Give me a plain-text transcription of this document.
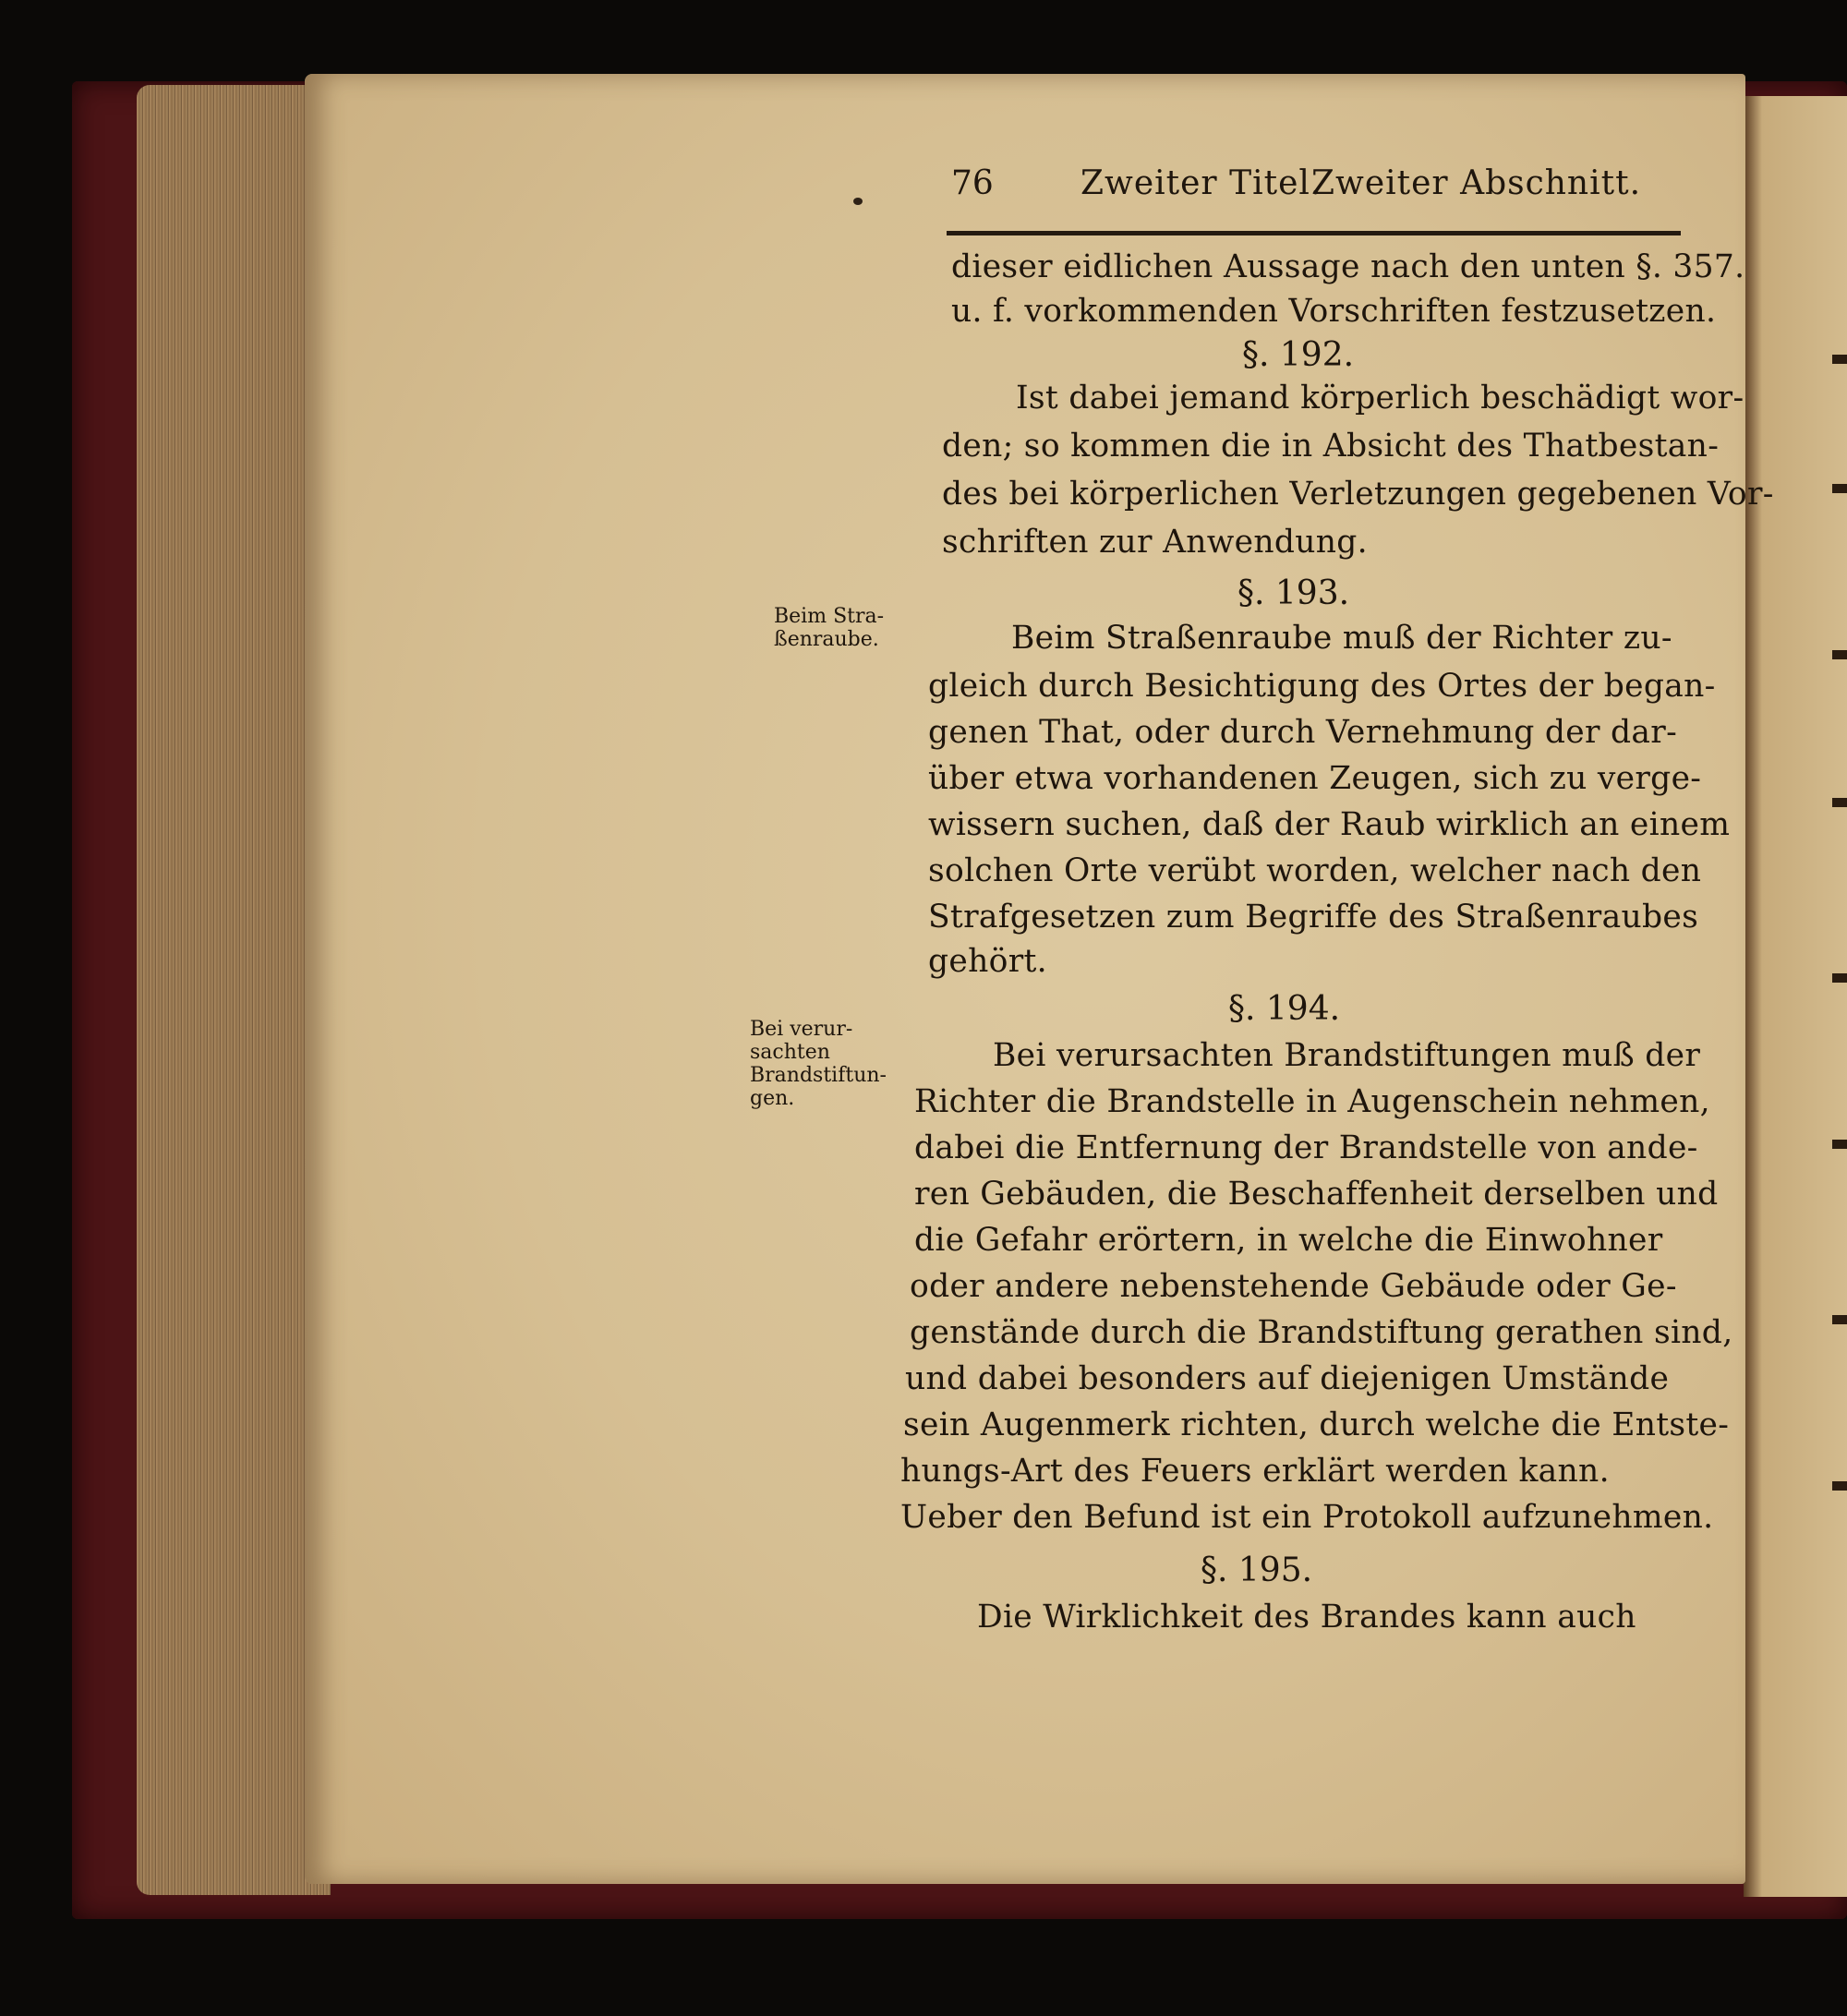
76	Zweiter Titel.
Zweiter Abschnitt.
dieser eidlichen Aussage nach den unten §. 357.
u. f. vorkommenden Vorschriften festzusetzen.
§. 192.
Ist dabei jemand körperlich beschädigt wor-
den; so kommen die in Absicht des Thatbestan-
des bei körperlichen Verletzungen gegebenen Vor-
schriften zur Anwendung.
§. 193.
Beim Stra-
ßenraube.	Beim Straßenraube muß der Richter zu-
gleich durch Besichtigung des Ortes der began-
genen That, oder durch Vernehmung der dar-
über etwa vorhandenen Zeugen, sich zu verge-
wissern suchen, daß der Raub wirklich an einem
solchen Orte verübt worden, welcher nach den
Strafgesetzen zum Begriffe des Straßenraubes
gehört.
§. 194.
Bei verur-
sachten
Brandstiftun-
gen.
Bei verursachten Brandstiftungen muß der
Richter die Brandstelle in Augenschein nehmen,
dabei die Entfernung der Brandstelle von ande-
ren Gebäuden, die Beschaffenheit derselben und
die Gefahr erörtern, in welche die Einwohner
oder andere nebenstehende Gebäude oder Ge-
genstände durch die Brandstiftung gerathen sind,
und dabei besonders auf diejenigen Umstände
sein Augenmerk richten, durch welche die Entste-
hungs-Art des Feuers erklärt werden kann.
Ueber den Befund ist ein Protokoll aufzunehmen.
§. 195.
Die Wirklichkeit des Brandes kann auch
